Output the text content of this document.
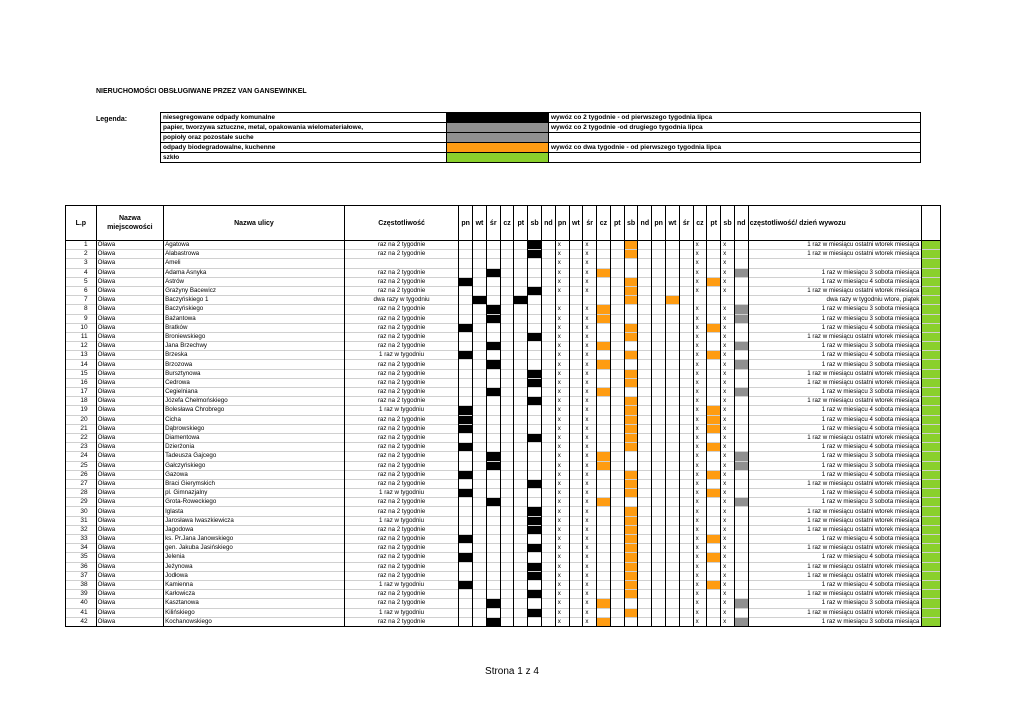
NIERUCHOMOŚCI OBSŁUGIWANE PRZEZ VAN GANSEWINKEL
Legenda:	niesegregowane odpady komunalne		wywóz co 2 tygodnie - od pierwszego tygodnia lipca
papier, tworzywa sztuczne, metal, opakowania wielomateriałowe,		wywóz co 2 tygodnie -od drugiego tygodnia lipca
popioły oraz pozostałe suche		
odpady biodegradowalne, kuchenne		wywóz co dwa tygodnie - od pierwszego tygodnia lipca
szkło		
L.p	Nazwa miejscowości	Nazwa ulicy	Częstotliwość	pn	wt	śr	cz	pt	sb	nd	pn	wt	śr	cz	pt	sb	nd	pn	wt	śr	cz	pt	sb	nd	częstotliwość/ dzień wywozu	
1	Oława	Agatowa	raz na 2 tygodnie								x		x								x		x		1 raz w miesiącu ostatni wtorek miesiąca	
2	Oława	Alabastrowa	raz na 2 tygodnie								x		x								x		x		1 raz w miesiącu ostatni wtorek miesiąca	
3	Oława	Ameli									x		x								x		x			
4	Oława	Adama Asnyka	raz na 2 tygodnie								x		x								x		x		1 raz w miesiącu 3 sobota miesiąca	
5	Oława	Astrów	raz na 2 tygodnie								x		x								x		x		1 raz w miesiącu 4 sobota miesiąca	
6	Oława	Grażyny Bacewicz	raz na 2 tygodnie								x		x								x		x		1 raz w miesiącu ostatni wtorek miesiąca	
7	Oława	Baczyńskiego 1	dwa razy w tygodniu																						dwa razy w tygodniu wtore, piątek	
8	Oława	Baczyńskiego	raz na 2 tygodnie								x		x								x		x		1 raz w miesiącu 3 sobota miesiąca	
9	Oława	Bażantowa	raz na 2 tygodnie								x		x								x		x		1 raz w miesiącu 3 sobota miesiąca	
10	Oława	Bratków	raz na 2 tygodnie								x		x								x		x		1 raz w miesiącu 4 sobota miesiąca	
11	Oława	Broniewskiego	raz na 2 tygodnie								x		x								x		x		1 raz w miesiącu ostatni wtorek miesiąca	
12	Oława	Jana Brzechwy	raz na 2 tygodnie								x		x								x		x		1 raz w miesiącu 3 sobota miesiąca	
13	Oława	Brzeska	1 raz w tygodniu								x		x								x		x		1 raz w miesiącu 4 sobota miesiąca	
14	Oława	Brzozowa	raz na 2 tygodnie								x		x								x		x		1 raz w miesiącu 3 sobota miesiąca	
15	Oława	Bursztynowa	raz na 2 tygodnie								x		x								x		x		1 raz w miesiącu ostatni wtorek miesiąca	
16	Oława	Cedrowa	raz na 2 tygodnie								x		x								x		x		1 raz w miesiącu ostatni wtorek miesiąca	
17	Oława	Cegielniana	raz na 2 tygodnie								x		x								x		x		1 raz w miesiącu 3 sobota miesiąca	
18	Oława	Józefa Chełmońskiego	raz na 2 tygodnie								x		x								x		x		1 raz w miesiącu ostatni wtorek miesiąca	
19	Oława	Bolesława Chrobrego	1 raz w tygodniu								x		x								x		x		1 raz w miesiącu 4 sobota miesiąca	
20	Oława	Cicha	raz na 2 tygodnie								x		x								x		x		1 raz w miesiącu 4 sobota miesiąca	
21	Oława	Dąbrowskiego	raz na 2 tygodnie								x		x								x		x		1 raz w miesiącu 4 sobota miesiąca	
22	Oława	Diamentowa	raz na 2 tygodnie								x		x								x		x		1 raz w miesiącu ostatni wtorek miesiąca	
23	Oława	Dzierżonia	raz na 2 tygodnie								x		x								x		x		1 raz w miesiącu 4 sobota miesiąca	
24	Oława	Tadeusza Gajcego	raz na 2 tygodnie								x		x								x		x		1 raz w miesiącu 3 sobota miesiąca	
25	Oława	Gałczyńskiego	raz na 2 tygodnie								x		x								x		x		1 raz w miesiącu 3 sobota miesiąca	
26	Oława	Gazowa	raz na 2 tygodnie								x		x								x		x		1 raz w miesiącu 4 sobota miesiąca	
27	Oława	Braci Gierymskich	raz na 2 tygodnie								x		x								x		x		1 raz w miesiącu ostatni wtorek miesiąca	
28	Oława	pl. Gimnazjalny	1 raz w tygodniu								x		x								x		x		1 raz w miesiącu 4 sobota miesiąca	
29	Oława	Grota-Roweckiego	raz na 2 tygodnie								x		x								x		x		1 raz w miesiącu 3 sobota miesiąca	
30	Oława	Iglasta	raz na 2 tygodnie								x		x								x		x		1 raz w miesiącu ostatni wtorek miesiąca	
31	Oława	Jarosława Iwaszkiewicza	1 raz w tygodniu								x		x								x		x		1 raz w miesiącu ostatni wtorek miesiąca	
32	Oława	Jagodowa	raz na 2 tygodnie								x		x								x		x		1 raz w miesiącu ostatni wtorek miesiąca	
33	Oława	ks. Pr.Jana Janowskiego	raz na 2 tygodnie								x		x								x		x		1 raz w miesiącu 4 sobota miesiąca	
34	Oława	gen. Jakuba Jasińskiego	raz na 2 tygodnie								x		x								x		x		1 raz w miesiącu ostatni wtorek miesiąca	
35	Oława	Jelenia	raz na 2 tygodnie								x		x								x		x		1 raz w miesiącu 4 sobota miesiąca	
36	Oława	Jeżynowa	raz na 2 tygodnie								x		x								x		x		1 raz w miesiącu ostatni wtorek miesiąca	
37	Oława	Jodłowa	raz na 2 tygodnie								x		x								x		x		1 raz w miesiącu ostatni wtorek miesiąca	
38	Oława	Kamienna	1 raz w tygodniu								x		x								x		x		1 raz w miesiącu 4 sobota miesiąca	
39	Oława	Karłowicza	raz na 2 tygodnie								x		x								x		x		1 raz w miesiącu ostatni wtorek miesiąca	
40	Oława	Kasztanowa	raz na 2 tygodnie								x		x								x		x		1 raz w miesiącu 3 sobota miesiąca	
41	Oława	Kilińskiego	1 raz w tygodniu								x		x								x		x		1 raz w miesiącu ostatni wtorek miesiąca	
42	Oława	Kochanowskiego	raz na 2 tygodnie								x		x								x		x		1 raz w miesiącu 3 sobota miesiąca	
Strona 1 z 4
